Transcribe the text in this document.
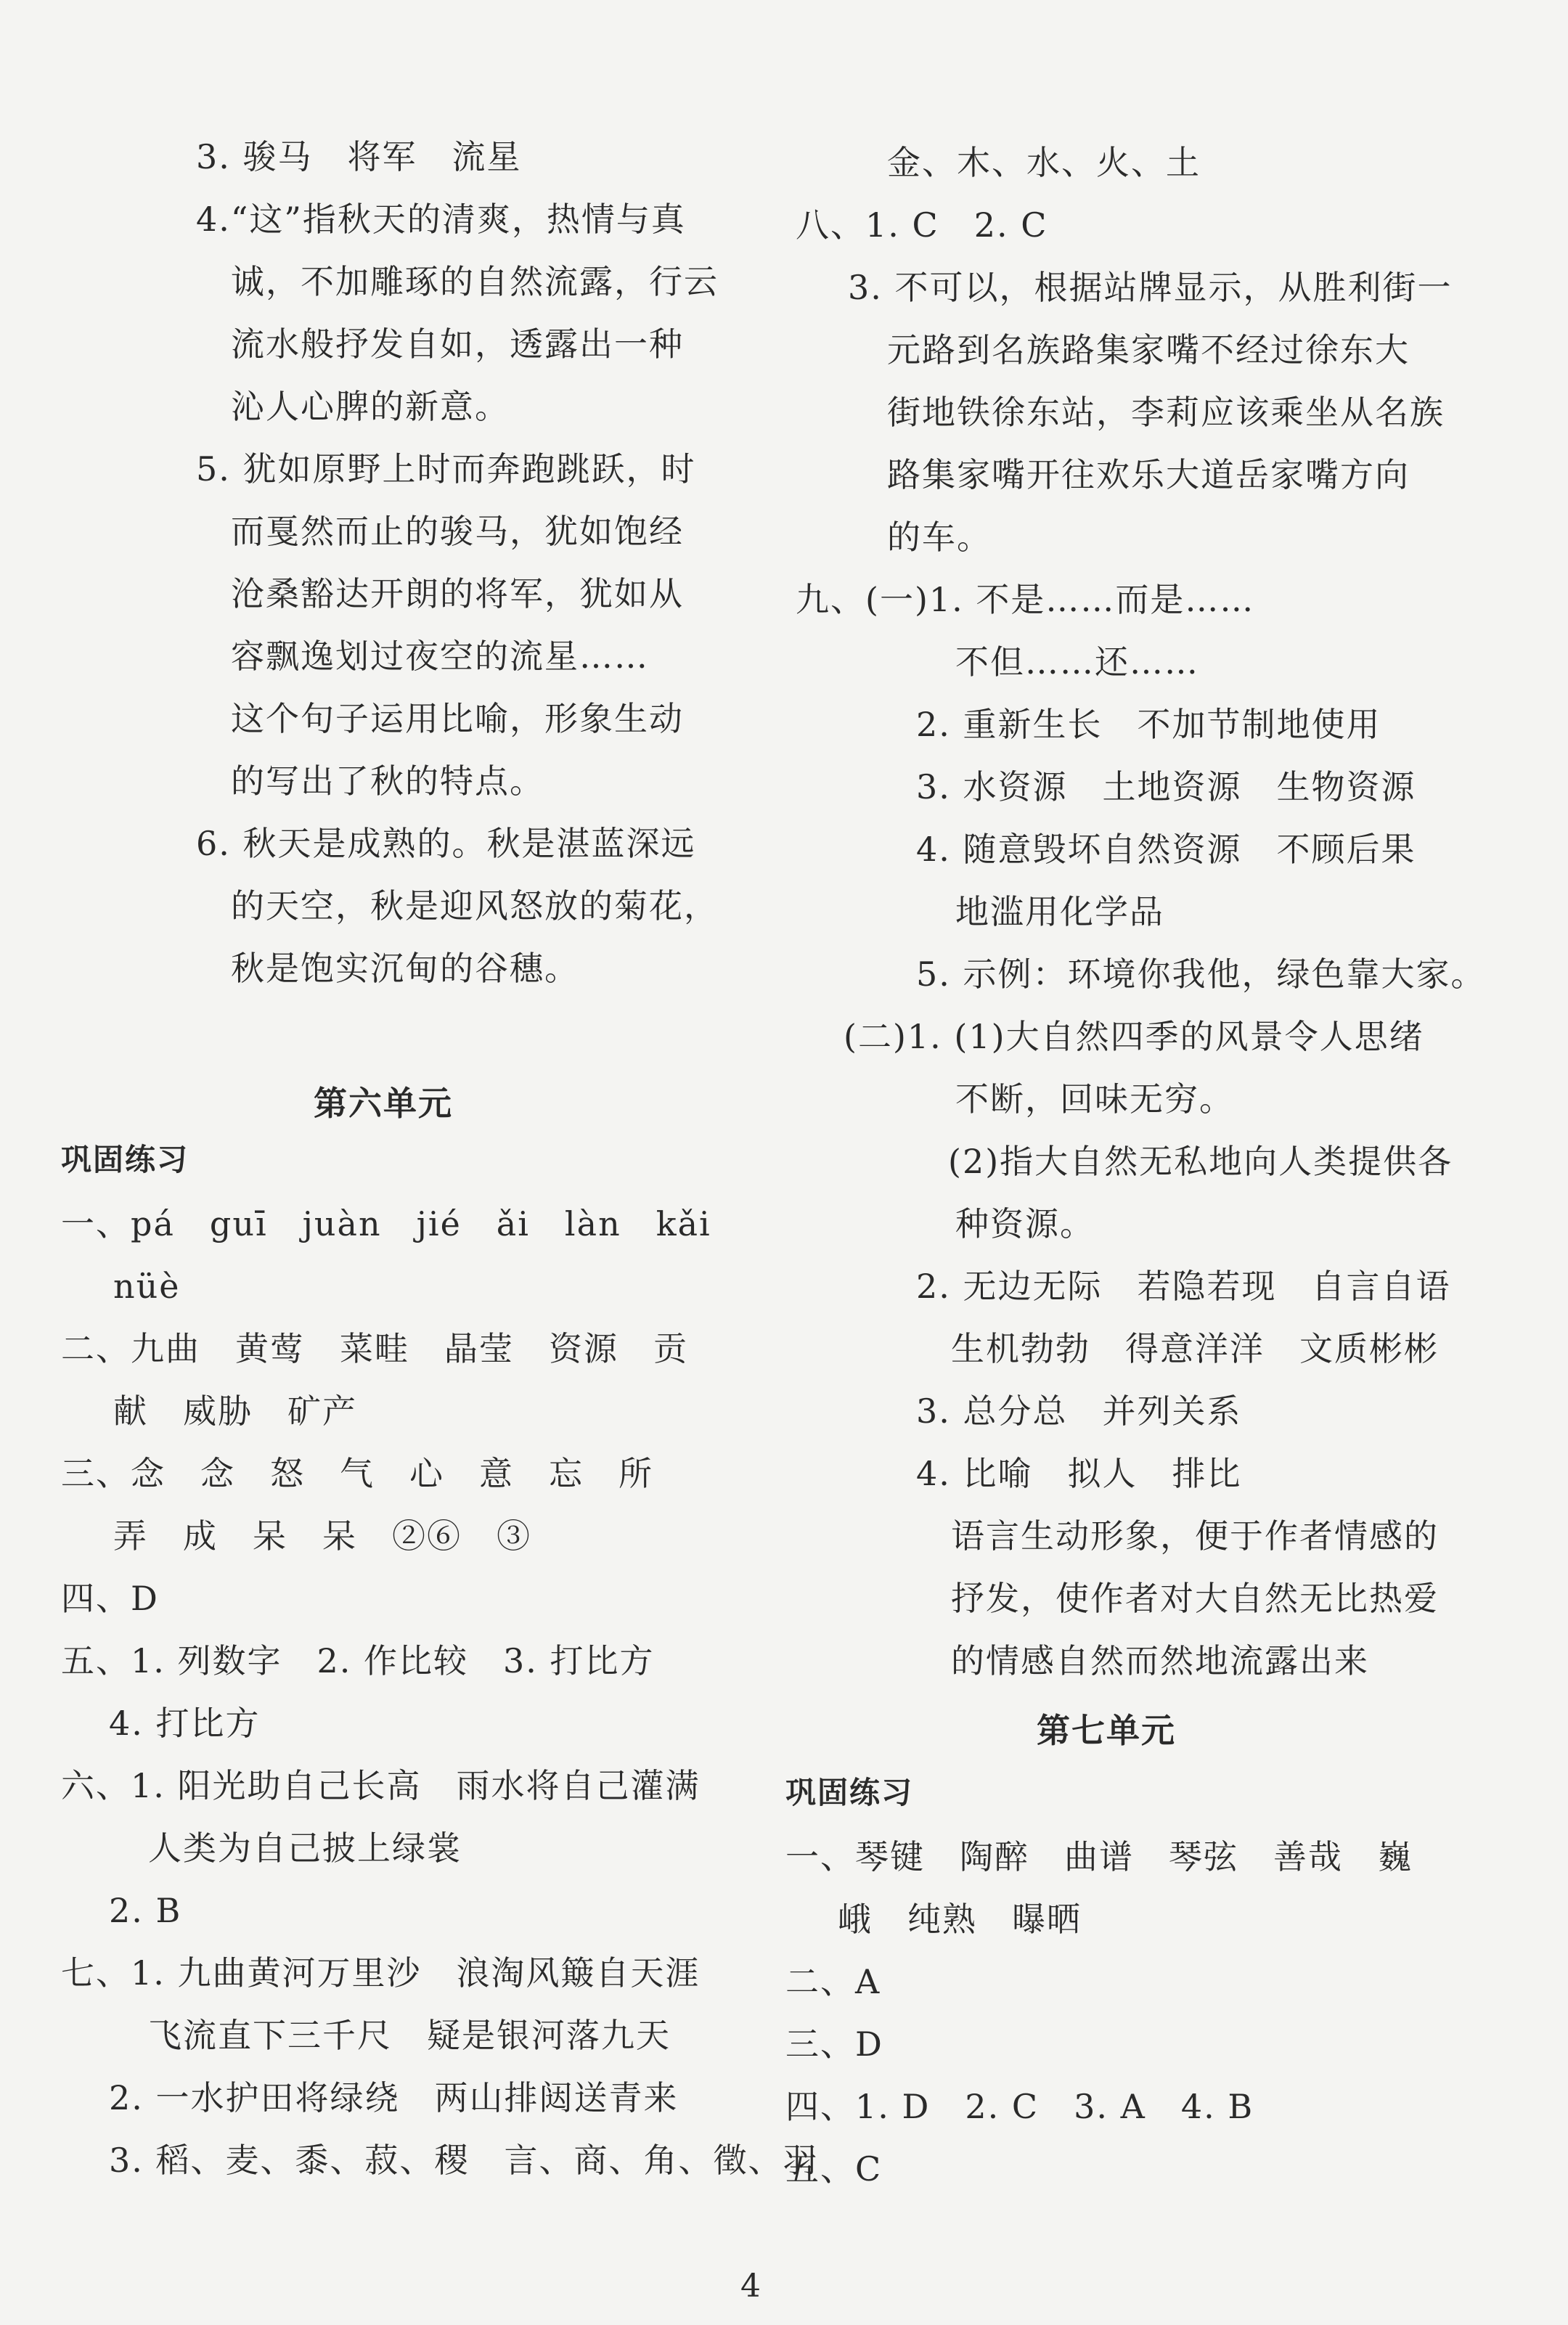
3. 骏马　将军　流星
4.“这”指秋天的清爽，热情与真
诚，不加雕琢的自然流露，行云
流水般抒发自如，透露出一种
沁人心脾的新意。
5. 犹如原野上时而奔跑跳跃，时
而戛然而止的骏马，犹如饱经
沧桑豁达开朗的将军，犹如从
容飘逸划过夜空的流星……
这个句子运用比喻，形象生动
的写出了秋的特点。
6. 秋天是成熟的。秋是湛蓝深远
的天空，秋是迎风怒放的菊花，
秋是饱实沉甸的谷穗。
第六单元
巩固练习
一、pá　guī　juàn　jié　ǎi　làn　kǎi
nüè
二、九曲　黄莺　菜畦　晶莹　资源　贡
献　威胁　矿产
三、念　念　怒　气　心　意　忘　所
弄　成　呆　呆　②⑥　③
四、D
五、1. 列数字　2. 作比较　3. 打比方
4. 打比方
六、1. 阳光助自己长高　雨水将自己灌满
人类为自己披上绿裳
2. B
七、1. 九曲黄河万里沙　浪淘风簸自天涯
飞流直下三千尺　疑是银河落九天
2. 一水护田将绿绕　两山排闼送青来
3. 稻、麦、黍、菽、稷　言、商、角、徵、羽
金、木、水、火、土
八、1. C　2. C
3. 不可以，根据站牌显示，从胜利街一
元路到名族路集家嘴不经过徐东大
街地铁徐东站，李莉应该乘坐从名族
路集家嘴开往欢乐大道岳家嘴方向
的车。
九、(一)1. 不是……而是……
不但……还……
2. 重新生长　不加节制地使用
3. 水资源　土地资源　生物资源
4. 随意毁坏自然资源　不顾后果
地滥用化学品
5. 示例：环境你我他，绿色靠大家。
(二)1. (1)大自然四季的风景令人思绪
不断，回味无穷。
(2)指大自然无私地向人类提供各
种资源。
2. 无边无际　若隐若现　自言自语
生机勃勃　得意洋洋　文质彬彬
3. 总分总　并列关系
4. 比喻　拟人　排比
语言生动形象，便于作者情感的
抒发，使作者对大自然无比热爱
的情感自然而然地流露出来
第七单元
巩固练习
一、琴键　陶醉　曲谱　琴弦　善哉　巍
峨　纯熟　曝晒
二、A
三、D
四、1. D　2. C　3. A　4. B
五、C
4
